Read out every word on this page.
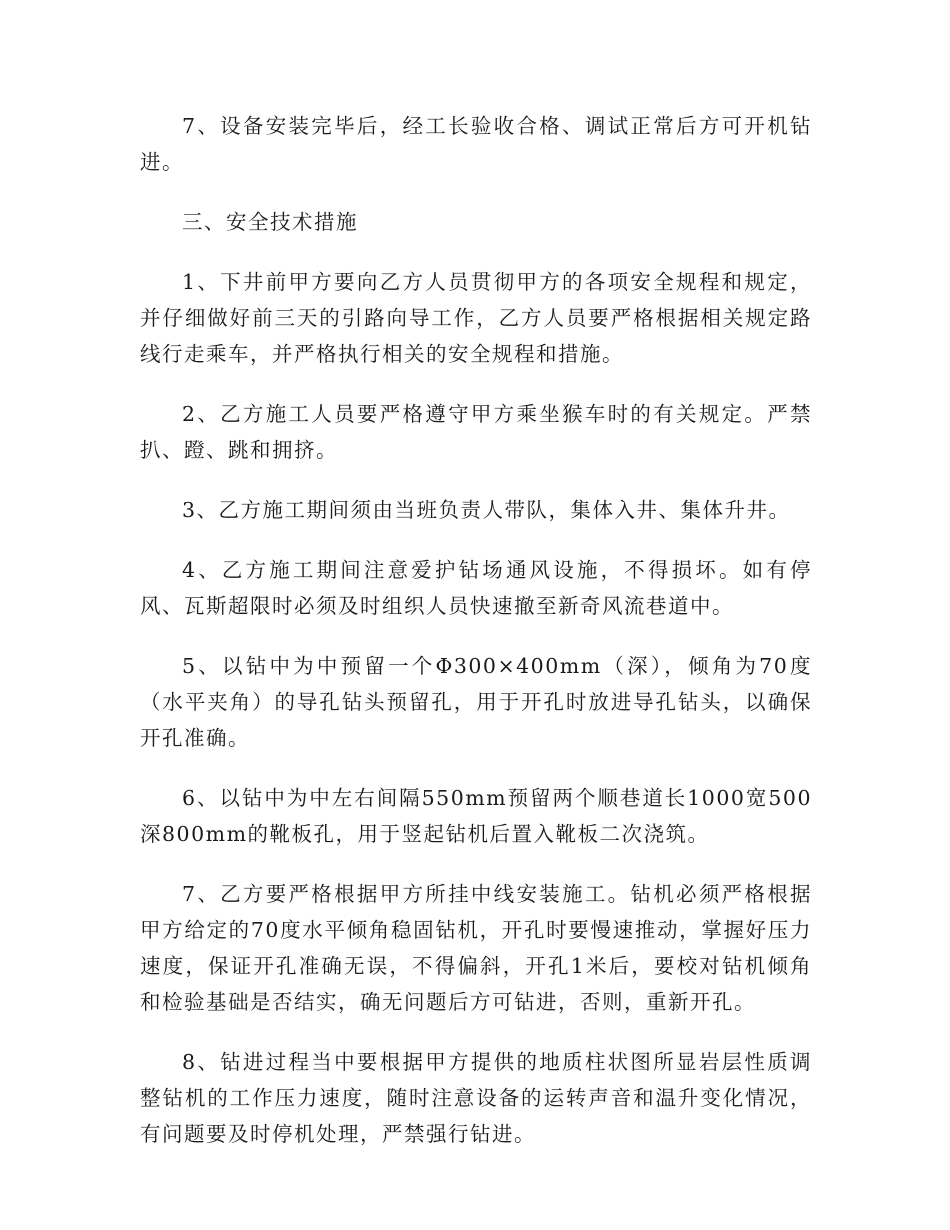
7、设备安装完毕后，经工长验收合格、调试正常后方可开机钻进。

三、安全技术措施

1、下井前甲方要向乙方人员贯彻甲方的各项安全规程和规定，并仔细做好前三天的引路向导工作，乙方人员要严格根据相关规定路线行走乘车，并严格执行相关的安全规程和措施。

2、乙方施工人员要严格遵守甲方乘坐猴车时的有关规定。严禁扒、蹬、跳和拥挤。

3、乙方施工期间须由当班负责人带队，集体入井、集体升井。

4、乙方施工期间注意爱护钻场通风设施，不得损坏。如有停风、瓦斯超限时必须及时组织人员快速撤至新奇风流巷道中。

5、以钻中为中预留一个Φ300×400mm（深），倾角为70度（水平夹角）的导孔钻头预留孔，用于开孔时放进导孔钻头，以确保开孔准确。

6、以钻中为中左右间隔550mm预留两个顺巷道长1000宽500深800mm的靴板孔，用于竖起钻机后置入靴板二次浇筑。

7、乙方要严格根据甲方所挂中线安装施工。钻机必须严格根据甲方给定的70度水平倾角稳固钻机，开孔时要慢速推动，掌握好压力速度，保证开孔准确无误，不得偏斜，开孔1米后，要校对钻机倾角和检验基础是否结实，确无问题后方可钻进，否则，重新开孔。

8、钻进过程当中要根据甲方提供的地质柱状图所显岩层性质调整钻机的工作压力速度，随时注意设备的运转声音和温升变化情况，有问题要及时停机处理，严禁强行钻进。
